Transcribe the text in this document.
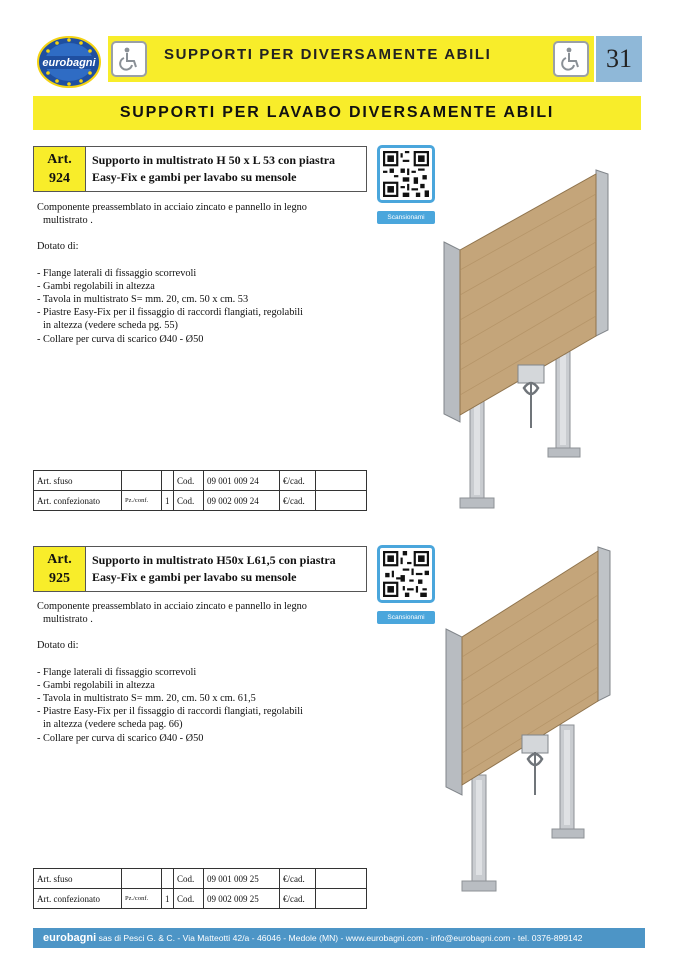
eurobagni	SUPPORTI PER DIVERSAMENTE ABILI	31
SUPPORTI PER LAVABO DIVERSAMENTE ABILI
Art.
924
Supporto in multistrato H 50 x L 53 con piastra
Easy-Fix e gambi per lavabo su mensole
Scansionami

Componente preassemblato in acciaio zincato e pannello in legno

multistrato .

Dotato di:

- Flange laterali di fissaggio scorrevoli

- Gambi regolabili in altezza

- Tavola in multistrato S= mm. 20, cm. 50 x cm. 53

- Piastre Easy-Fix per il fissaggio di raccordi flangiati, regolabili

in altezza (vedere scheda pg. 55)

- Collare per curva di scarico Ø40 - Ø50

Art. sfuso			Cod.	09 001 009 24	€/cad.	
Art. confezionato	Pz./conf.	1	Cod.	09 002 009 24	€/cad.	
Art.
925
Supporto in multistrato H50x L61,5 con piastra
Easy-Fix e gambi per lavabo su mensole
Scansionami

Componente preassemblato in acciaio zincato e pannello in legno

multistrato .

Dotato di:

- Flange laterali di fissaggio scorrevoli

- Gambi regolabili in altezza

- Tavola in multistrato S= mm. 20, cm. 50 x cm. 61,5

- Piastre Easy-Fix per il fissaggio di raccordi flangiati, regolabili

in altezza (vedere scheda pag. 66)

- Collare per curva di scarico Ø40 - Ø50

Art. sfuso			Cod.	09 001 009 25	€/cad.	
Art. confezionato	Pz./conf.	1	Cod.	09 002 009 25	€/cad.	
eurobagni sas di Pesci G. & C. - Via Matteotti 42/a - 46046 - Medole (MN) - www.eurobagni.com - info@eurobagni.com - tel. 0376-899142
